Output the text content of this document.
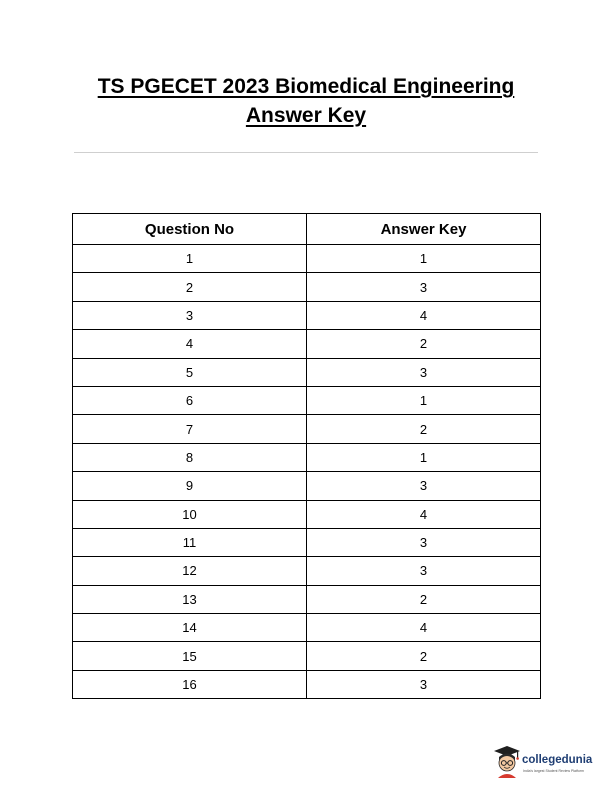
TS PGECET 2023 Biomedical Engineering
Answer Key
Question No	Answer Key
1	1
2	3
3	4
4	2
5	3
6	1
7	2
8	1
9	3
10	4
11	3
12	3
13	2
14	4
15	2
16	3
collegedunia
India's largest Student Review Platform
